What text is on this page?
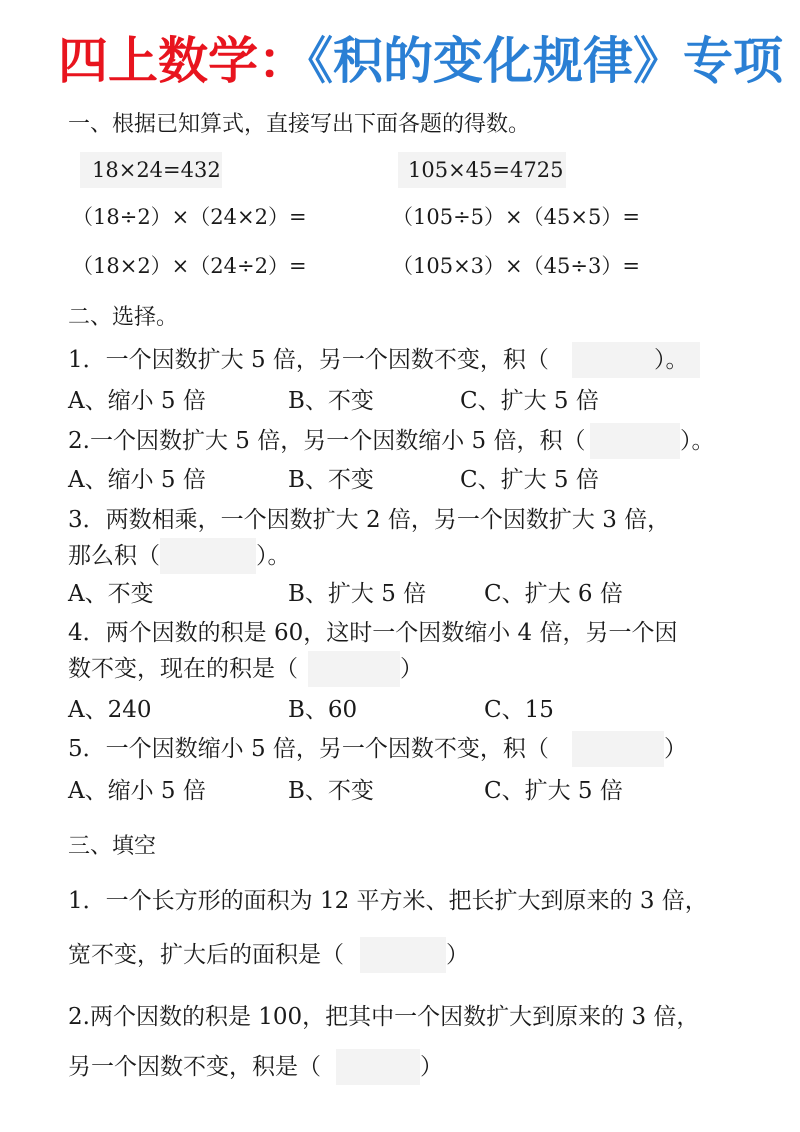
四上数学：《积的变化规律》专项
一、根据已知算式，直接写出下面各题的得数。
18×24=432	105×45=4725
（18÷2）×（24×2）=	（105÷5）×（45×5）=
（18×2）×（24÷2）=	（105×3）×（45÷3）=
二、选择。
1．一个因数扩大 5 倍，另一个因数不变，积（	）。
A、缩小 5 倍	B、不变	C、扩大 5 倍
2.一个因数扩大 5 倍，另一个因数缩小 5 倍，积（	）。
A、缩小 5 倍	B、不变	C、扩大 5 倍
3．两数相乘，一个因数扩大 2 倍，另一个因数扩大 3 倍，
那么积（	）。
A、不变	B、扩大 5 倍	C、扩大 6 倍
4．两个因数的积是 60，这时一个因数缩小 4 倍，另一个因
数不变，现在的积是（	）
A、240	B、60	C、15
5．一个因数缩小 5 倍，另一个因数不变，积（	）
A、缩小 5 倍	B、不变	C、扩大 5 倍
三、填空
1．一个长方形的面积为 12 平方米、把长扩大到原来的 3 倍，
宽不变，扩大后的面积是（	）
2.两个因数的积是 100，把其中一个因数扩大到原来的 3 倍，
另一个因数不变，积是（	）
